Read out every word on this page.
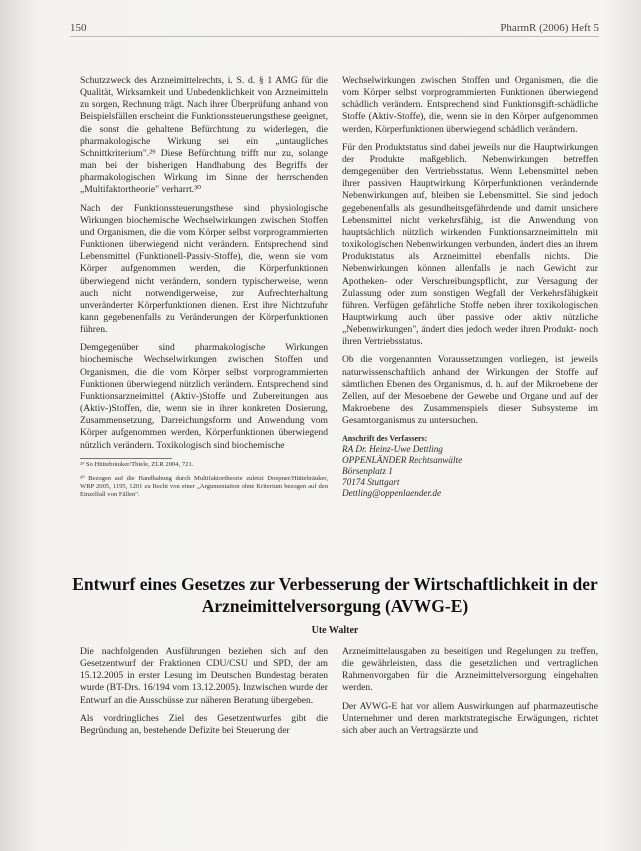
150	PharmR (2006) Heft 5

Schutzzweck des Arzneimittelrechts, i. S. d. § 1 AMG für die Qualität, Wirksamkeit und Unbedenklichkeit von Arzneimitteln zu sorgen, Rechnung trägt. Nach ihrer Überprüfung anhand von Beispielsfällen erscheint die Funktionssteuerungsthese geeignet, die sonst die gehaltene Befürchtung zu widerlegen, die pharmakologische Wirkung sei ein „untaugliches Schnittkriterium".²⁹ Diese Befürchtung trifft nur zu, solange man bei der bisherigen Handhabung des Begriffs der pharmakologischen Wirkung im Sinne der herrschenden „Multifaktortheorie" verharrt.³⁰

Nach der Funktionssteuerungsthese sind physiologische Wirkungen biochemische Wechselwirkungen zwischen Stoffen und Organismen, die die vom Körper selbst vorprogrammierten Funktionen überwiegend nicht verändern. Entsprechend sind Lebensmittel (Funktionell-Passiv-Stoffe), die, wenn sie vom Körper aufgenommen werden, die Körperfunktionen überwiegend nicht verändern, sondern typischerweise, wenn auch nicht notwendigerweise, zur Aufrechterhaltung unveränderter Körperfunktionen dienen. Erst ihre Nichtzufuhr kann gegebenenfalls zu Veränderungen der Körperfunktionen führen.

Demgegenüber sind pharmakologische Wirkungen biochemische Wechselwirkungen zwischen Stoffen und Organismen, die die vom Körper selbst vorprogrammierten Funktionen überwiegend nützlich verändern. Entsprechend sind Funktionsarzneimittel (Aktiv-)Stoffe und Zubereitungen aus (Aktiv-)Stoffen, die, wenn sie in ihrer konkreten Dosierung, Zusammensetzung, Darreichungsform und Anwendung vom Körper aufgenommen werden, Körperfunktionen überwiegend nützlich verändern. Toxikologisch sind biochemische

²⁹ So Hüttebräuker/Thiele, ZLR 2004, 721.

³⁰ Bezogen auf die Handhabung durch Multifaktortheorie zuletzt Doepner/Hüttebräuker, WRP 2005, 1195, 1201 zu Recht von einer „Argumentation ohne Kriterium bezogen auf den Einzelfall von Fällen".

Wechselwirkungen zwischen Stoffen und Organismen, die die vom Körper selbst vorprogrammierten Funktionen überwiegend schädlich verändern. Entsprechend sind Funktionsgift-schädliche Stoffe (Aktiv-Stoffe), die, wenn sie in den Körper aufgenommen werden, Körperfunktionen überwiegend schädlich verändern.

Für den Produktstatus sind dabei jeweils nur die Hauptwirkungen der Produkte maßgeblich. Nebenwirkungen betreffen demgegenüber den Vertriebsstatus. Wenn Lebensmittel neben ihrer passiven Hauptwirkung Körperfunktionen verändernde Nebenwirkungen auf, bleiben sie Lebensmittel. Sie sind jedoch gegebenenfalls als gesundheitsgefährdende und damit unsichere Lebensmittel nicht verkehrsfähig, ist die Anwendung von hauptsächlich nützlich wirkenden Funktionsarzneimitteln mit toxikologischen Nebenwirkungen verbunden, ändert dies an ihrem Produktstatus als Arzneimittel ebenfalls nichts. Die Nebenwirkungen können allenfalls je nach Gewicht zur Apotheken- oder Verschreibungspflicht, zur Versagung der Zulassung oder zum sonstigen Wegfall der Verkehrsfähigkeit führen. Verfügen gefährliche Stoffe neben ihrer toxikologischen Hauptwirkung auch über passive oder aktiv nützliche „Nebenwirkungen", ändert dies jedoch weder ihren Produkt- noch ihren Vertriebsstatus.

Ob die vorgenannten Voraussetzungen vorliegen, ist jeweils naturwissenschaftlich anhand der Wirkungen der Stoffe auf sämtlichen Ebenen des Organismus, d. h. auf der Mikroebene der Zellen, auf der Mesoebene der Gewebe und Organe und auf der Makroebene des Zusammenspiels dieser Subsysteme im Gesamtorganismus zu untersuchen.

Anschrift des Verfassers:
RA Dr. Heinz-Uwe Dettling
OPPENLÄNDER Rechtsanwälte
Börsenplatz 1
70174 Stuttgart
Dettling@oppenlaender.de
Entwurf eines Gesetzes zur Verbesserung der Wirtschaftlichkeit in der Arzneimittelversorgung (AVWG-E)
Ute Walter

Die nachfolgenden Ausführungen beziehen sich auf den Gesetzentwurf der Fraktionen CDU/CSU und SPD, der am 15.12.2005 in erster Lesung im Deutschen Bundestag beraten wurde (BT-Drs. 16/194 vom 13.12.2005). Inzwischen wurde der Entwurf an die Ausschüsse zur näheren Beratung übergeben.

Als vordringliches Ziel des Gesetzentwurfes gibt die Begründung an, bestehende Defizite bei Steuerung der

Arzneimittelausgaben zu beseitigen und Regelungen zu treffen, die gewährleisten, dass die gesetzlichen und vertraglichen Rahmenvorgaben für die Arzneimittelversorgung eingehalten werden.

Der AVWG-E hat vor allem Auswirkungen auf pharmazeutische Unternehmer und deren marktstrategische Erwägungen, richtet sich aber auch an Vertragsärzte und
